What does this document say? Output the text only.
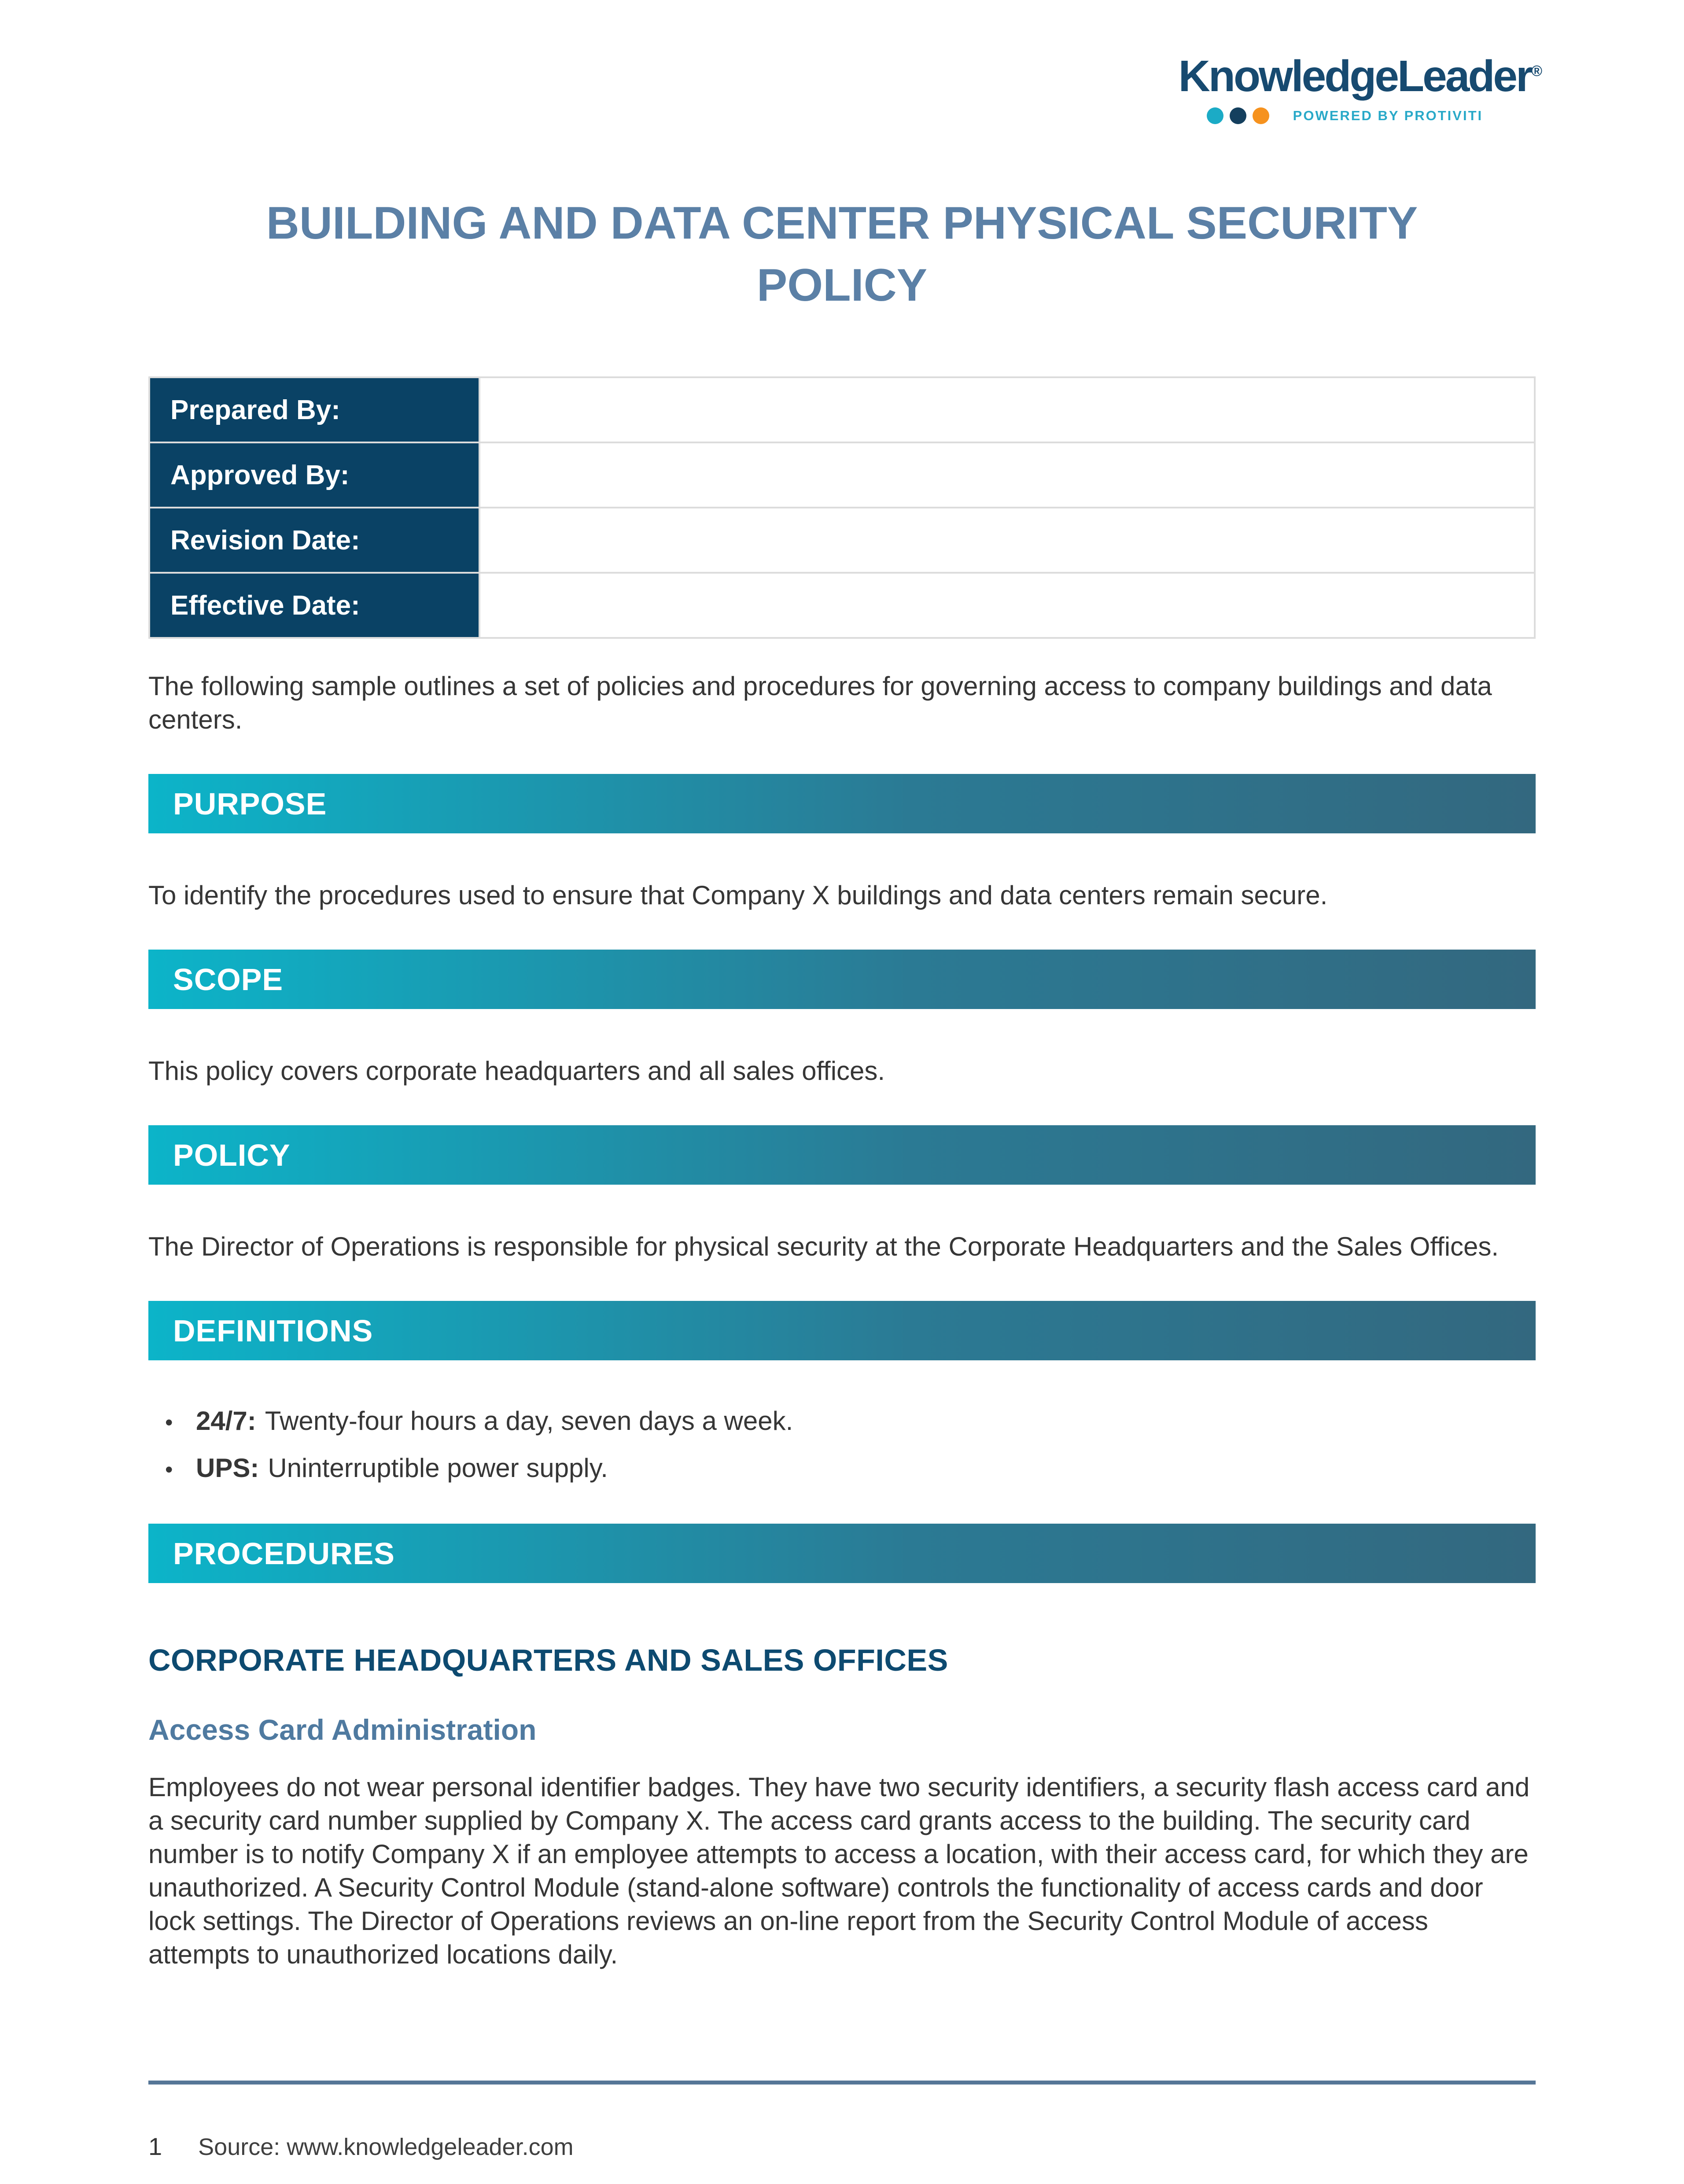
KnowledgeLeader®
POWERED BY PROTIVITI
BUILDING AND DATA CENTER PHYSICAL SECURITY POLICY
Prepared By:	
Approved By:	
Revision Date:	
Effective Date:	

The following sample outlines a set of policies and procedures for governing access to company buildings and data centers.

PURPOSE

To identify the procedures used to ensure that Company X buildings and data centers remain secure.

SCOPE

This policy covers corporate headquarters and all sales offices.

POLICY

The Director of Operations is responsible for physical security at the Corporate Headquarters and the Sales Offices.

DEFINITIONS
• 24/7: Twenty-four hours a day, seven days a week.
• UPS: Uninterruptible power supply.
PROCEDURES
CORPORATE HEADQUARTERS AND SALES OFFICES
Access Card Administration

Employees do not wear personal identifier badges. They have two security identifiers, a security flash access card and a security card number supplied by Company X. The access card grants access to the building. The security card number is to notify Company X if an employee attempts to access a location, with their access card, for which they are unauthorized. A Security Control Module (stand-alone software) controls the functionality of access cards and door lock settings. The Director of Operations reviews an on-line report from the Security Control Module of access attempts to unauthorized locations daily.

1 Source: www.knowledgeleader.com
